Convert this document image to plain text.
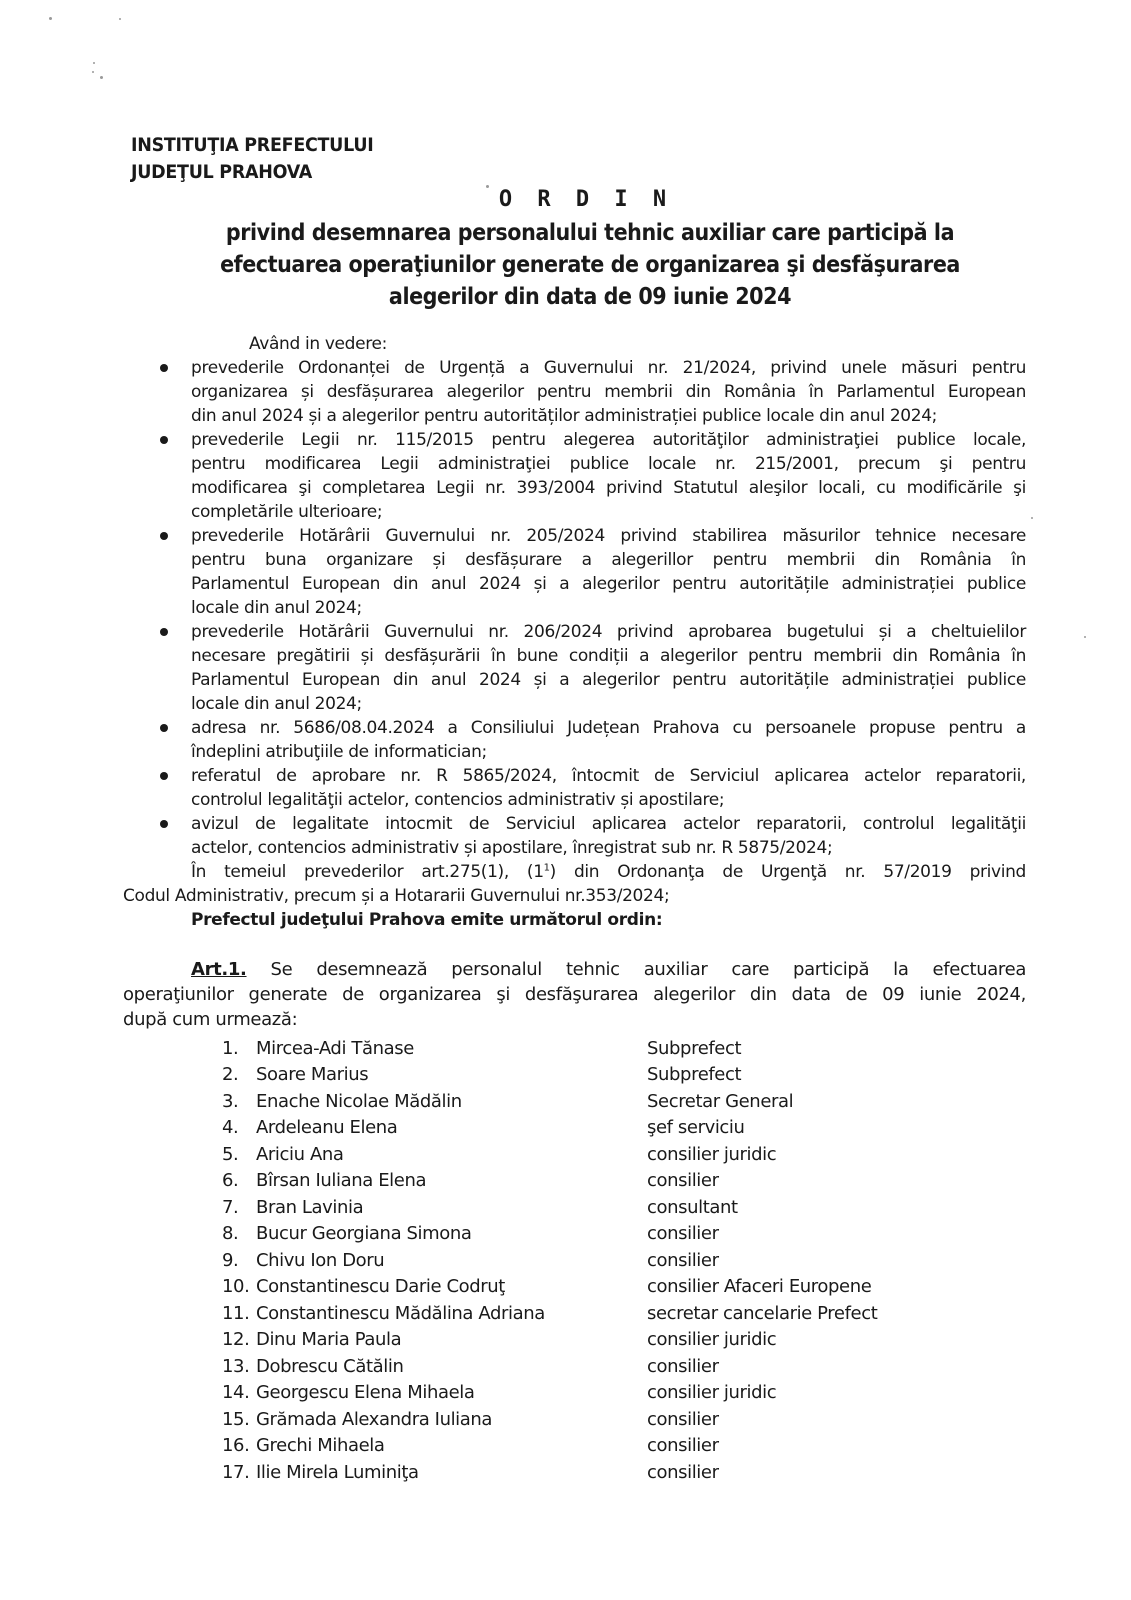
INSTITUŢIA PREFECTULUI
JUDEŢUL PRAHOVA
O R D I N
privind desemnarea personalului tehnic auxiliar care participă la
efectuarea operaţiunilor generate de organizarea şi desfăşurarea
alegerilor din data de 09 iunie 2024
Având in vedere:
prevederile Ordonanței de Urgență a Guvernului nr. 21/2024, privind unele măsuri pentru
organizarea și desfășurarea alegerilor pentru membrii din România în Parlamentul European
din anul 2024 și a alegerilor pentru autorităților administrației publice locale din anul 2024;
prevederile Legii nr. 115/2015 pentru alegerea autorităţilor administraţiei publice locale,
pentru modificarea Legii administraţiei publice locale nr. 215/2001, precum şi pentru
modificarea şi completarea Legii nr. 393/2004 privind Statutul aleşilor locali, cu modificările şi
completările ulterioare;
prevederile Hotărârii Guvernului nr. 205/2024 privind stabilirea măsurilor tehnice necesare
pentru buna organizare și desfășurare a alegerillor pentru membrii din România în
Parlamentul European din anul 2024 și a alegerilor pentru autoritățile administrației publice
locale din anul 2024;
prevederile Hotărârii Guvernului nr. 206/2024 privind aprobarea bugetului și a cheltuielilor
necesare pregătirii și desfășurării în bune condiții a alegerilor pentru membrii din România în
Parlamentul European din anul 2024 și a alegerilor pentru autoritățile administrației publice
locale din anul 2024;
adresa nr. 5686/08.04.2024 a Consiliului Județean Prahova cu persoanele propuse pentru a
îndeplini atribuţiile de informatician;
referatul de aprobare nr. R 5865/2024, întocmit de Serviciul aplicarea actelor reparatorii,
controlul legalităţii actelor, contencios administrativ și apostilare;
avizul de legalitate intocmit de Serviciul aplicarea actelor reparatorii, controlul legalităţii
actelor, contencios administrativ și apostilare, înregistrat sub nr. R 5875/2024;
În temeiul prevederilor art.275(1), $(1^1)$ din Ordonanţa de Urgenţă nr. 57/2019 privind
Codul Administrativ, precum și a Hotararii Guvernului nr.353/2024;
Prefectul judeţului Prahova emite următorul ordin:
Art.1. Se desemnează personalul tehnic auxiliar care participă la efectuarea
operaţiunilor generate de organizarea şi desfăşurarea alegerilor din data de 09 iunie 2024,
după cum urmează:
1. Mircea-Adi Tănase	Subprefect
2. Soare Marius	Subprefect
3. Enache Nicolae Mădălin	Secretar General
4. Ardeleanu Elena	şef serviciu
5. Ariciu Ana	consilier juridic
6. Bîrsan Iuliana Elena	consilier
7. Bran Lavinia	consultant
8. Bucur Georgiana Simona	consilier
9. Chivu Ion Doru	consilier
10. Constantinescu Darie Codruţ	consilier Afaceri Europene
11. Constantinescu Mădălina Adriana	secretar cancelarie Prefect
12. Dinu Maria Paula	consilier juridic
13. Dobrescu Cătălin	consilier
14. Georgescu Elena Mihaela	consilier juridic
15. Grămada Alexandra Iuliana	consilier
16. Grechi Mihaela	consilier
17. Ilie Mirela Luminiţa	consilier
